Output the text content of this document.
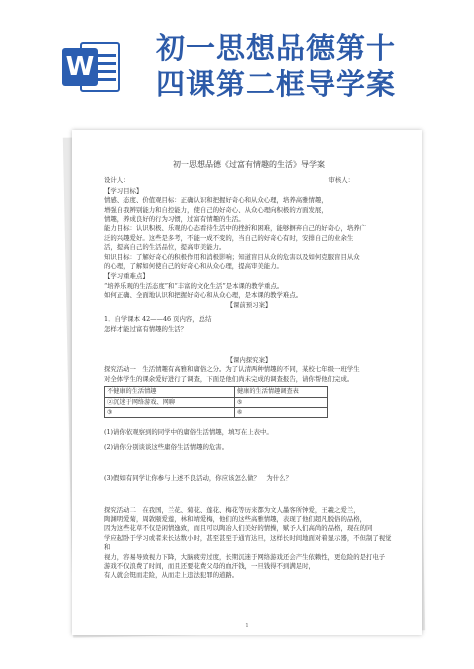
W
初一思想品德第十
四课第二框导学案

初一思想品德《过富有情趣的生活》导学案

设计人：	审核人：

【学习目标】

情感、态度、价值观目标：正确认识和把握好奇心和从众心理，培养高雅情趣，

增强自我辨别能力和自控能力，使自己的好奇心、从众心理向积极的方面发展，

情趣，养成良好的行为习惯，过富有情趣的生活。

能力目标：认识积极、乐观的心态看待生活中的挫折和困难，能够摒弃自己的好奇心，培养广

泛的兴趣爱好。这些是多考，不能一成不变的，当自己的好奇心有时，安排自己的业余生

活，提高自己的生活品位，提高审美能力。

知识目标：了解好奇心的积极作用和消极影响；知道盲目从众的危害以及如何克服盲目从众

的心理，了解如何使自己的好奇心和从众心理，提高审美能力。

【学习重难点】

“培养乐观的生活态度”和“丰富的文化生活”是本课的教学重点。

如何正确、全面地认识和把握好奇心和从众心理，是本课的教学难点。

【课前预习案】

1．自学课本 42——46 页内容，总结

怎样才能过富有情趣的生活？

【课内探究案】

探究活动一　生活情趣有高雅和庸俗之分。为了认清两种情趣的不同，某校七年级一班学生

对全体学生的课余爱好进行了调查，下面是他们尚未完成的调查报告，请你帮他们完成。

不健康的生活情趣	健康的生活情趣调查表
②沉迷于网络游戏、网聊	⑤
③	⑥

(1)请你依观察到的同学中的庸俗生活情趣，填写在上表中。

(2)请你分别谈谈这些庸俗生活情趣的危害。

(3)假如有同学让你参与上述不良活动，你应该怎么做？　为什么？

探究活动二　在我国，兰花、菊花、莲花、梅花等历来都为文人墨客所钟爱，王羲之爱兰，

陶渊明爱菊，周敦颐爱莲，林和靖爱梅，他们的这些高雅情趣，表现了他们超凡脱俗的品格，

因为这些花草不仅是闲情逸致，而且可以陶冶人们美好的情操，赋予人们高尚的品格，现在的同

学应起卧于学习或者来长达数小时，甚至甚至于通宵达旦，这样长时间地面对着显示器，不但制了视觉和

视力，容易导致视力下降，大脑疲劳过度，长期沉迷于网络游戏还会产生依赖性，更危险的是打电子

游戏不仅浪费了时间，而且还要花费父母的血汗钱，一旦钱得不到满足时，

有人就会铤而走险，从而走上违法犯罪的道路。

1
